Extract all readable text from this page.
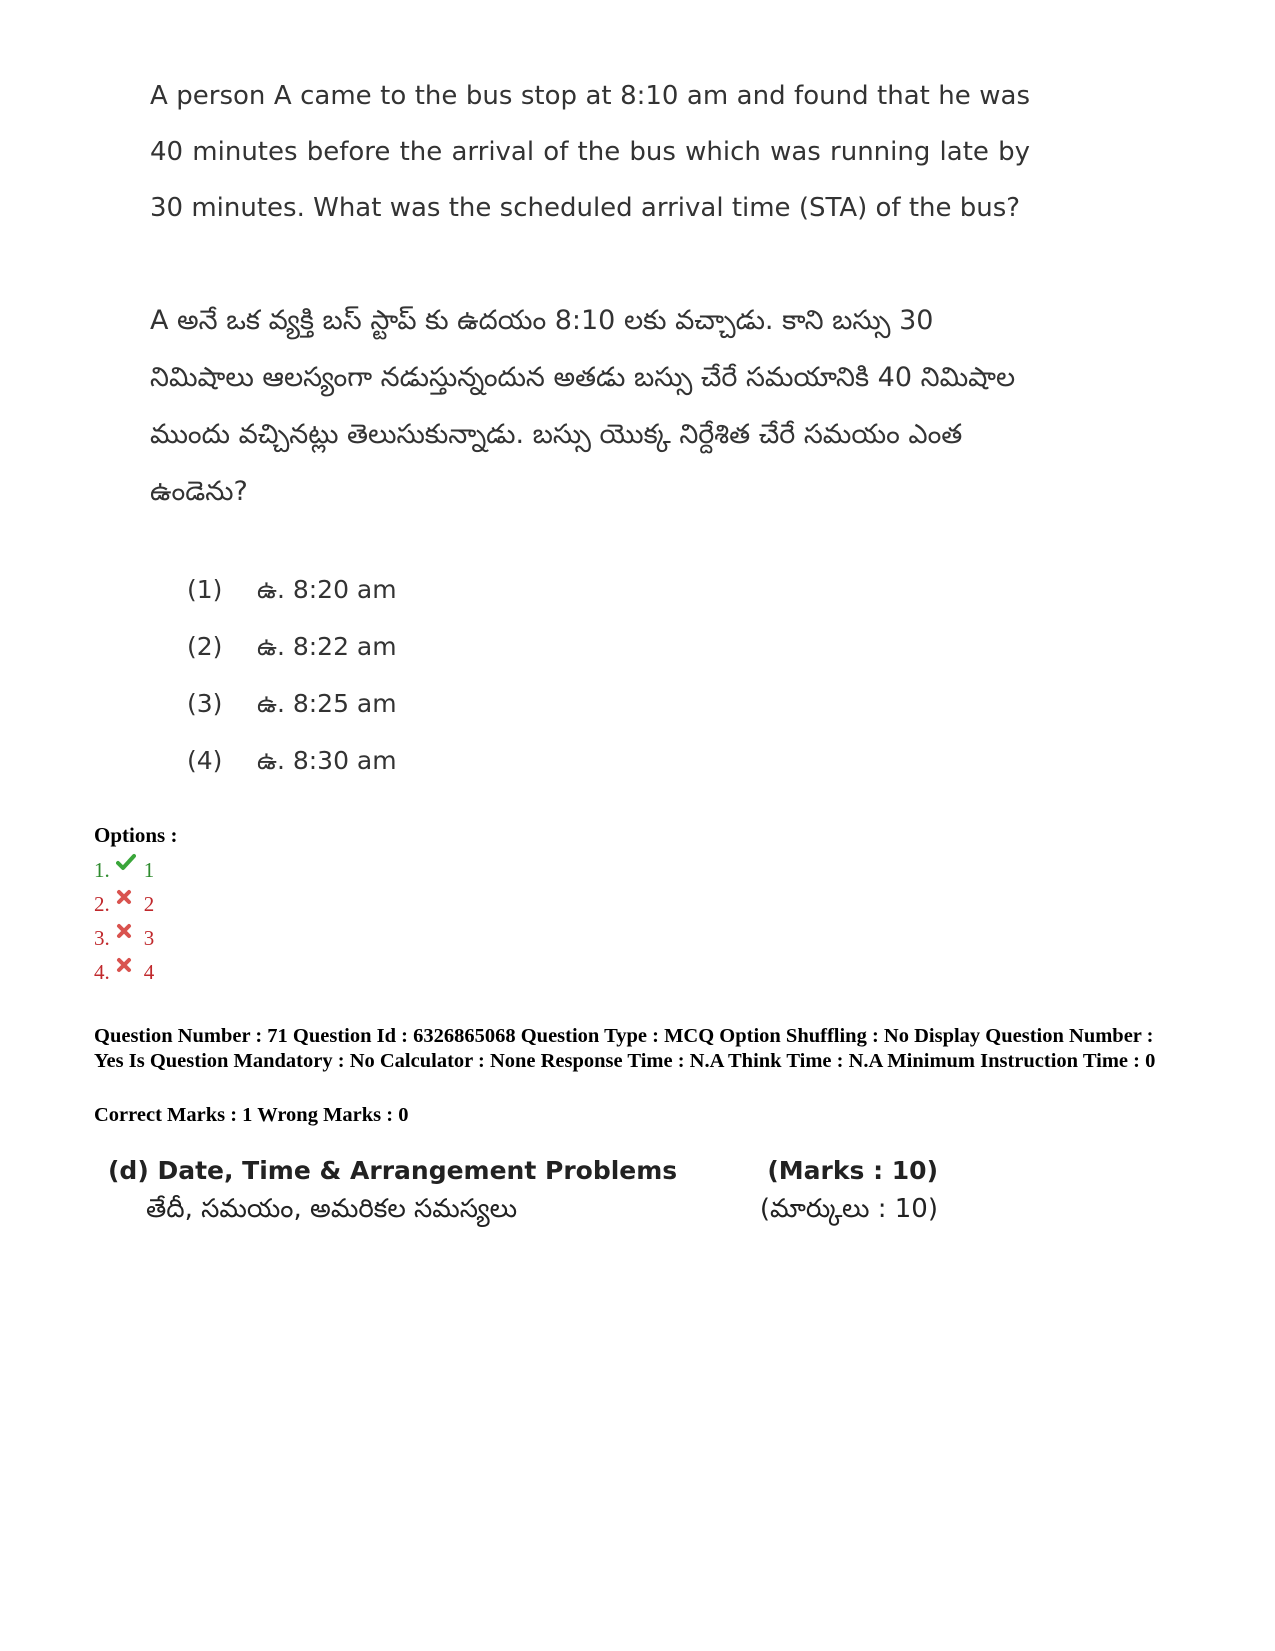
A person A came to the bus stop at 8:10 am and found that he was 40 minutes before the arrival of the bus which was running late by 30 minutes. What was the scheduled arrival time (STA) of the bus?
A అనే ఒక వ్యక్తి బస్ స్టాప్ కు ఉదయం 8:10 లకు వచ్చాడు. కాని బస్సు 30 నిమిషాలు ఆలస్యంగా నడుస్తున్నందున అతడు బస్సు చేరే సమయానికి 40 నిమిషాల ముందు వచ్చినట్లు తెలుసుకున్నాడు. బస్సు యొక్క నిర్దేశిత చేరే సమయం ఎంత ఉండెను?
(1)	ఉ. 8:20 am
(2)	ఉ. 8:22 am
(3)	ఉ. 8:25 am
(4)	ఉ. 8:30 am
Options :
1. 1
2. 2
3. 3
4. 4
Question Number : 71 Question Id : 6326865068 Question Type : MCQ Option Shuffling : No Display Question Number : Yes Is Question Mandatory : No Calculator : None Response Time : N.A Think Time : N.A Minimum Instruction Time : 0
Correct Marks : 1 Wrong Marks : 0
(d) Date, Time & Arrangement Problems	(Marks : 10)
తేదీ, సమయం, అమరికల సమస్యలు	(మార్కులు : 10)
